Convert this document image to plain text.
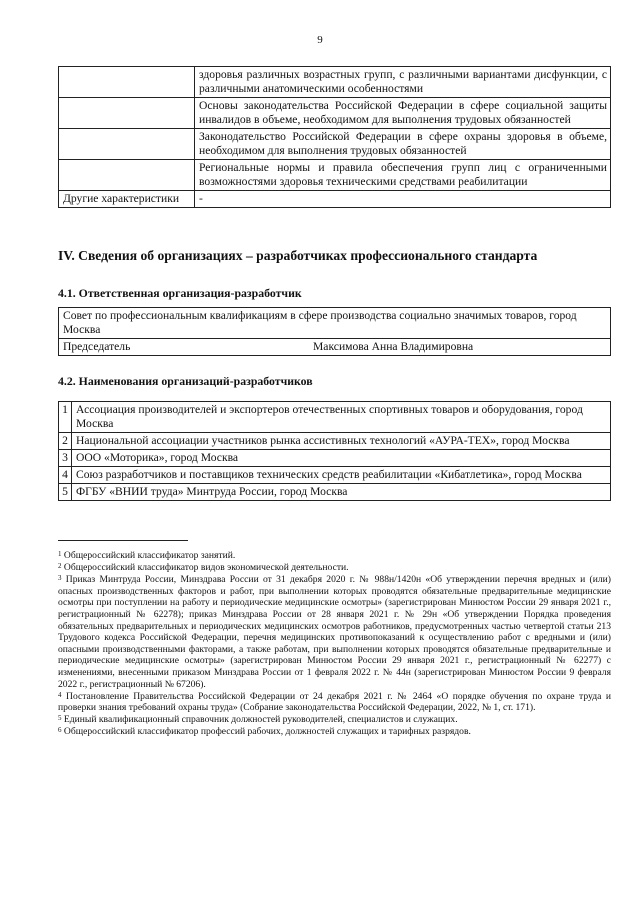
9
	здоровья различных возрастных групп, с различными вариантами дисфункции, с различными анатомическими особенностями
	Основы законодательства Российской Федерации в сфере социальной защиты инвалидов в объеме, необходимом для выполнения трудовых обязанностей
	Законодательство Российской Федерации в сфере охраны здоровья в объеме, необходимом для выполнения трудовых обязанностей
	Региональные нормы и правила обеспечения групп лиц с ограниченными возможностями здоровья техническими средствами реабилитации
Другие характеристики	-
IV. Сведения об организациях – разработчиках профессионального стандарта
4.1. Ответственная организация-разработчик
Совет по профессиональным квалификациям в сфере производства социально значимых товаров, город Москва

Председатель	Максимова Анна Владимировна
4.2. Наименования организаций-разработчиков
1	Ассоциация производителей и экспортеров отечественных спортивных товаров и оборудования, город Москва
2	Национальной ассоциации участников рынка ассистивных технологий «АУРА-ТЕХ», город Москва
3	ООО «Моторика», город Москва
4	Союз разработчиков и поставщиков технических средств реабилитации «Кибатлетика», город Москва
5	ФГБУ «ВНИИ труда» Минтруда России, город Москва

$^1$ Общероссийский классификатор занятий.

$^2$ Общероссийский классификатор видов экономической деятельности.

$^3$ Приказ Минтруда России, Минздрава России от 31 декабря 2020 г. № 988н/1420н «Об утверждении перечня вредных и (или) опасных производственных факторов и работ, при выполнении которых проводятся обязательные предварительные медицинские осмотры при поступлении на работу и периодические медицинские осмотры» (зарегистрирован Минюстом России 29 января 2021 г., регистрационный № 62278); приказ Минздрава России от 28 января 2021 г. № 29н «Об утверждении Порядка проведения обязательных предварительных и периодических медицинских осмотров работников, предусмотренных частью четвертой статьи 213 Трудового кодекса Российской Федерации, перечня медицинских противопоказаний к осуществлению работ с вредными и (или) опасными производственными факторами, а также работам, при выполнении которых проводятся обязательные предварительные и периодические медицинские осмотры» (зарегистрирован Минюстом России 29 января 2021 г., регистрационный № 62277) с изменениями, внесенными приказом Минздрава России от 1 февраля 2022 г. № 44н (зарегистрирован Минюстом России 9 февраля 2022 г., регистрационный № 67206).

$^4$ Постановление Правительства Российской Федерации от 24 декабря 2021 г. № 2464 «О порядке обучения по охране труда и проверки знания требований охраны труда» (Собрание законодательства Российской Федерации, 2022, № 1, ст. 171).

$^5$ Единый квалификационный справочник должностей руководителей, специалистов и служащих.

$^6$ Общероссийский классификатор профессий рабочих, должностей служащих и тарифных разрядов.
